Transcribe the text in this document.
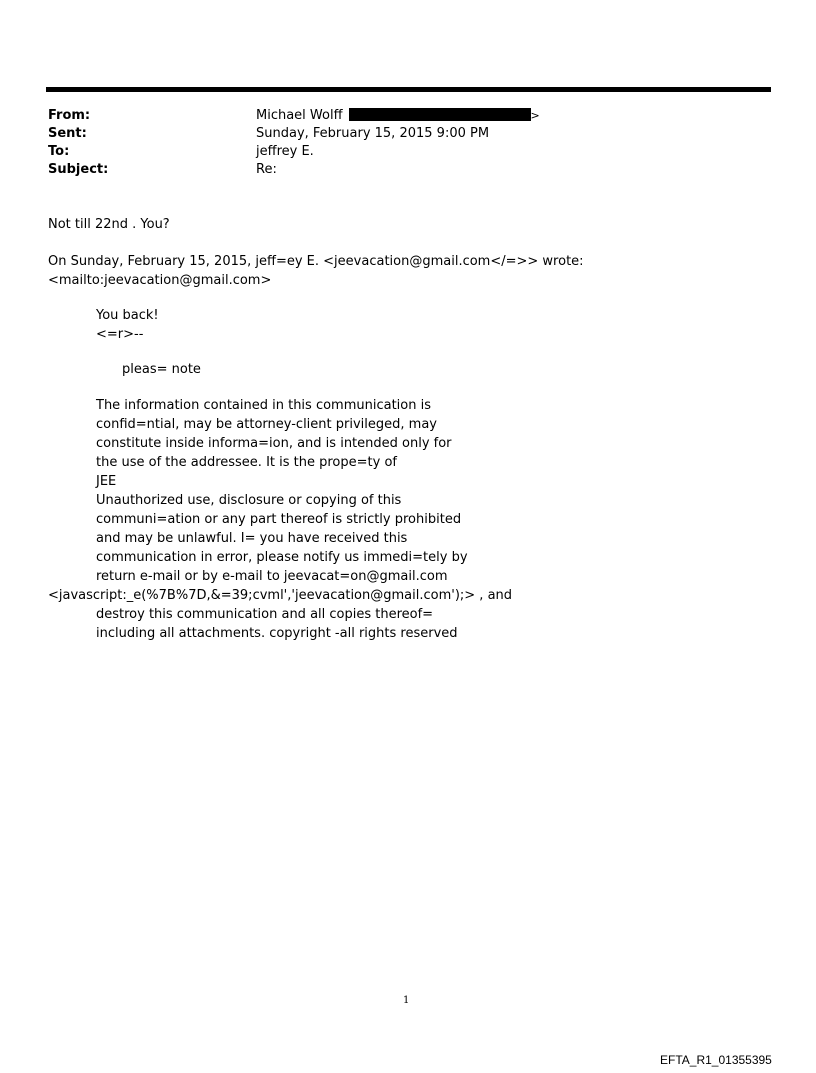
From:	Michael Wolff	>
Sent:	Sunday, February 15, 2015 9:00 PM
To:	jeffrey E.
Subject:	Re:
Not till 22nd . You?
On Sunday, February 15, 2015, jeff=ey E. <jeevacation@gmail.com</=>> wrote:
<mailto:jeevacation@gmail.com>
You back!
<=r>--
pleas= note
The information contained in this communication is
confid=ntial, may be attorney-client privileged, may
constitute inside informa=ion, and is intended only for
the use of the addressee. It is the prope=ty of
JEE
Unauthorized use, disclosure or copying of this
communi=ation or any part thereof is strictly prohibited
and may be unlawful. I= you have received this
communication in error, please notify us immedi=tely by
return e-mail or by e-mail to jeevacat=on@gmail.com
<javascript:_e(%7B%7D,&=39;cvml','jeevacation@gmail.com');> , and
destroy this communication and all copies thereof=
including all attachments. copyright -all rights reserved
1
EFTA_R1_01355395
